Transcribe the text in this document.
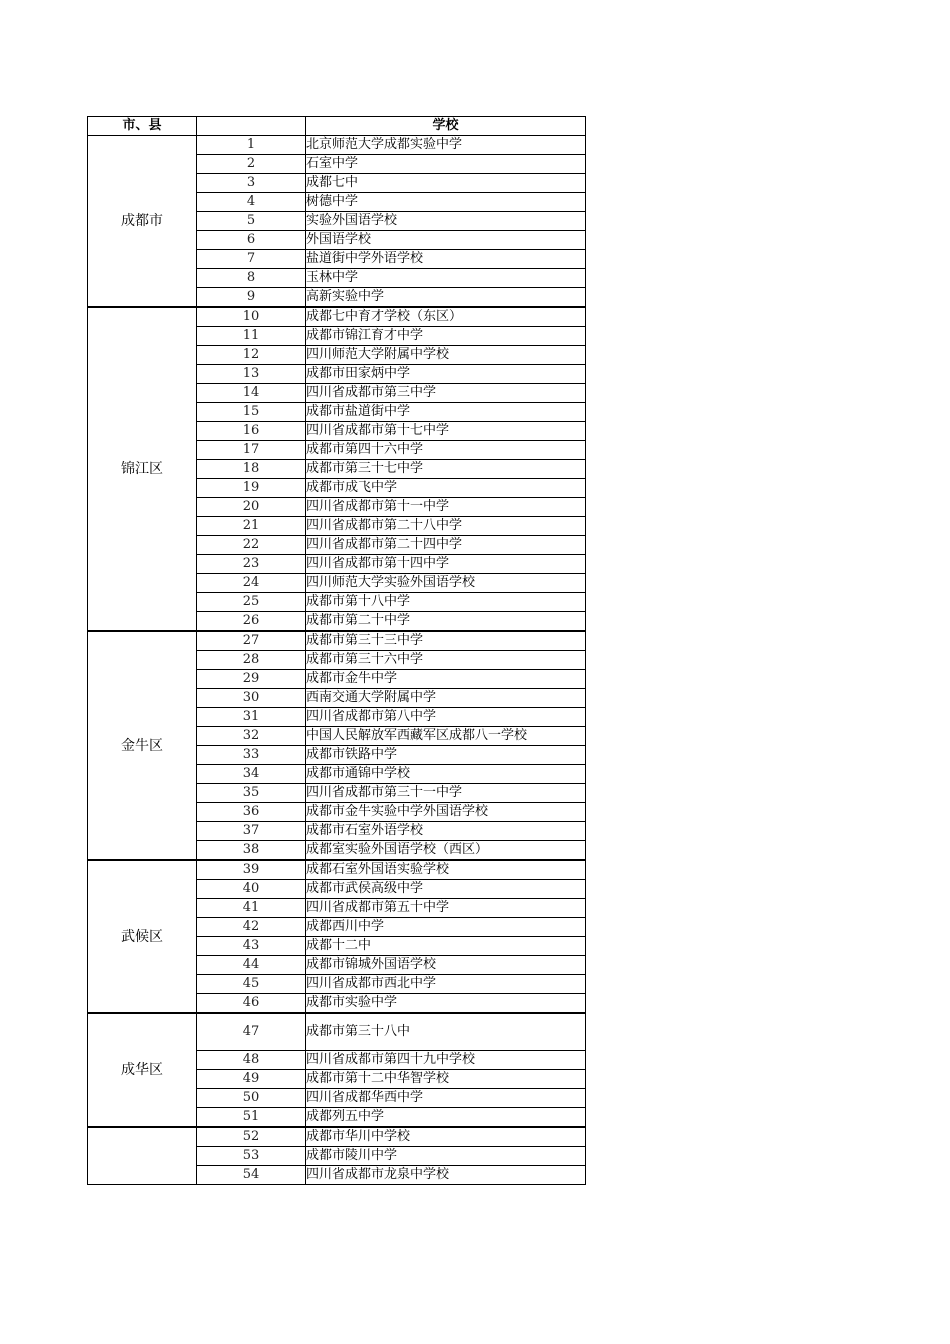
市、县		学校
成都市	1	北京师范大学成都实验中学
	2	石室中学
	3	成都七中
	4	树德中学
	5	实验外国语学校
	6	外国语学校
	7	盐道街中学外语学校
	8	玉林中学
	9	高新实验中学
锦江区	10	成都七中育才学校（东区）
	11	成都市锦江育才中学
	12	四川师范大学附属中学校
	13	成都市田家炳中学
	14	四川省成都市第三中学
	15	成都市盐道街中学
	16	四川省成都市第十七中学
	17	成都市第四十六中学
	18	成都市第三十七中学
	19	成都市成飞中学
	20	四川省成都市第十一中学
	21	四川省成都市第二十八中学
	22	四川省成都市第二十四中学
	23	四川省成都市第十四中学
	24	四川师范大学实验外国语学校
	25	成都市第十八中学
	26	成都市第二十中学
金牛区	27	成都市第三十三中学
	28	成都市第三十六中学
	29	成都市金牛中学
	30	西南交通大学附属中学
	31	四川省成都市第八中学
	32	中国人民解放军西藏军区成都八一学校
	33	成都市铁路中学
	34	成都市通锦中学校
	35	四川省成都市第三十一中学
	36	成都市金牛实验中学外国语学校
	37	成都市石室外语学校
	38	成都室实验外国语学校（西区）
武候区	39	成都石室外国语实验学校
	40	成都市武侯高级中学
	41	四川省成都市第五十中学
	42	成都西川中学
	43	成都十二中
	44	成都市锦城外国语学校
	45	四川省成都市西北中学
	46	成都市实验中学
成华区	47	成都市第三十八中
	48	四川省成都市第四十九中学校
	49	成都市第十二中华智学校
	50	四川省成都华西中学
	51	成都列五中学
	52	成都市华川中学校
	53	成都市陵川中学
	54	四川省成都市龙泉中学校
